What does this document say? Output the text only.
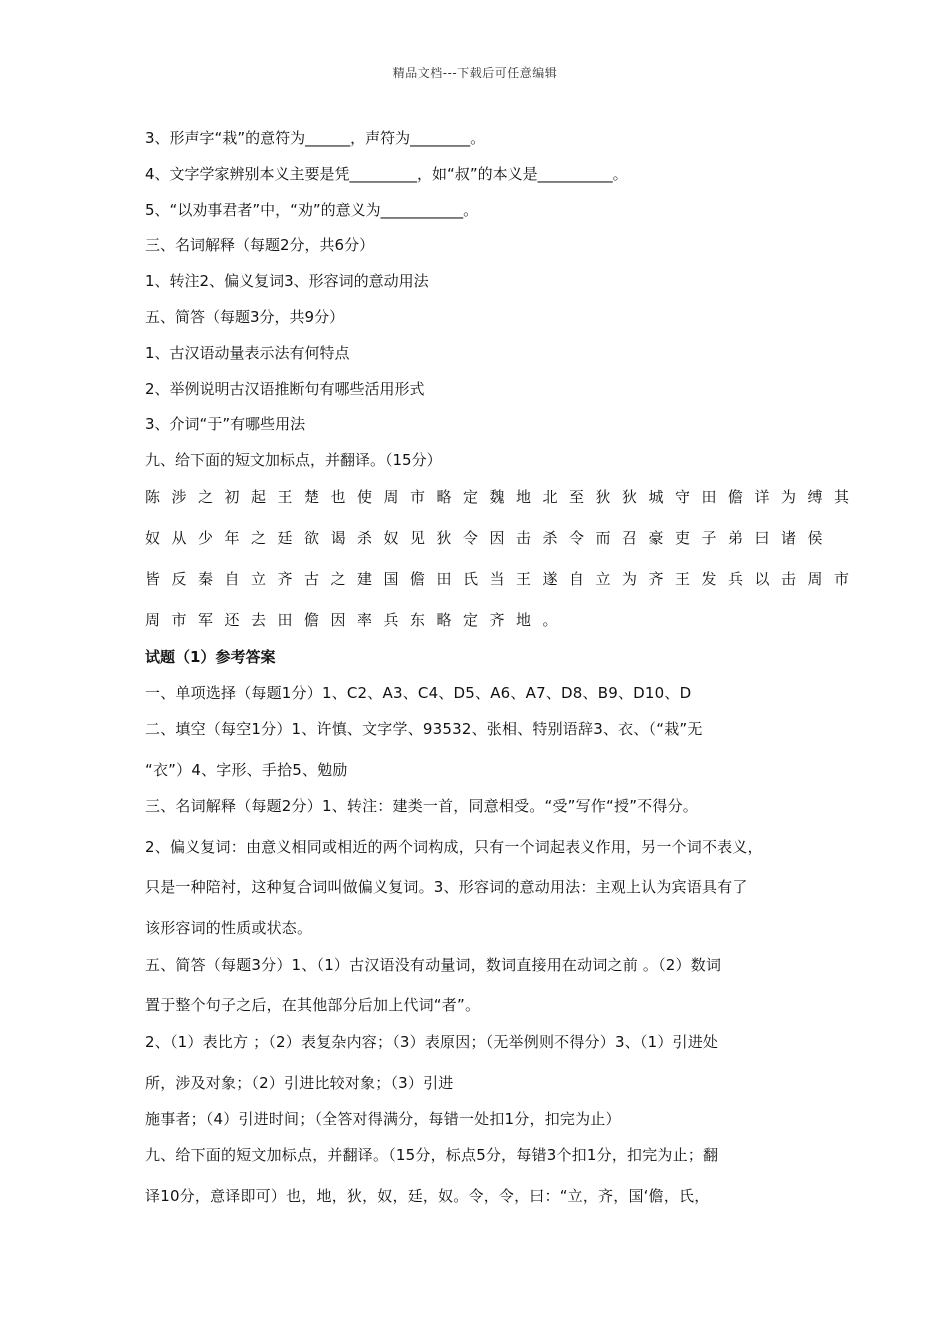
精品文档---下载后可任意编辑
3、形声字“栽”的意符为______，声符为________。
4、文字学家辨别本义主要是凭_________，如“叔”的本义是__________。
5、“以劝事君者”中，“劝”的意义为___________。
三、名词解释（每题2分，共6分）
1、转注2、偏义复词3、形容词的意动用法
五、简答（每题3分，共9分）
1、古汉语动量表示法有何特点
2、举例说明古汉语推断句有哪些活用形式
3、介词“于”有哪些用法
九、给下面的短文加标点，并翻译。（15分）
陈涉之初起王楚也使周市略定魏地北至狄狄城守田儋详为缚其
奴从少年之廷欲谒杀奴见狄令因击杀令而召豪吏子弟曰诸侯
皆反秦自立齐古之建国儋田氏当王遂自立为齐王发兵以击周市
周市军还去田儋因率兵东略定齐地。
试题（1）参考答案
一、单项选择（每题1分）1、C2、A3、C4、D5、A6、A7、D8、B9、D10、D
二、填空（每空1分）1、许慎、文字学、93532、张相、特别语辞3、衣、（“栽”无
“衣”）4、字形、手拾5、勉励
三、名词解释（每题2分）1、转注：建类一首，同意相受。“受”写作“授”不得分。
2、偏义复词：由意义相同或相近的两个词构成，只有一个词起表义作用，另一个词不表义，
只是一种陪衬，这种复合词叫做偏义复词。3、形容词的意动用法：主观上认为宾语具有了
该形容词的性质或状态。
五、简答（每题3分）1、（1）古汉语没有动量词，数词直接用在动词之前 。（2）数词
置于整个句子之后，在其他部分后加上代词“者”。
2、（1）表比方 ；（2）表复杂内容；（3）表原因；（无举例则不得分）3、（1）引进处
所，涉及对象；（2）引进比较对象；（3）引进
施事者；（4）引进时间；（全答对得满分，每错一处扣1分，扣完为止）
九、给下面的短文加标点，并翻译。（15分，标点5分，每错3个扣1分，扣完为止；翻
译10分，意译即可）也，地，狄，奴，廷，奴。令，令，曰：“立，齐，国‘儋，氏，
